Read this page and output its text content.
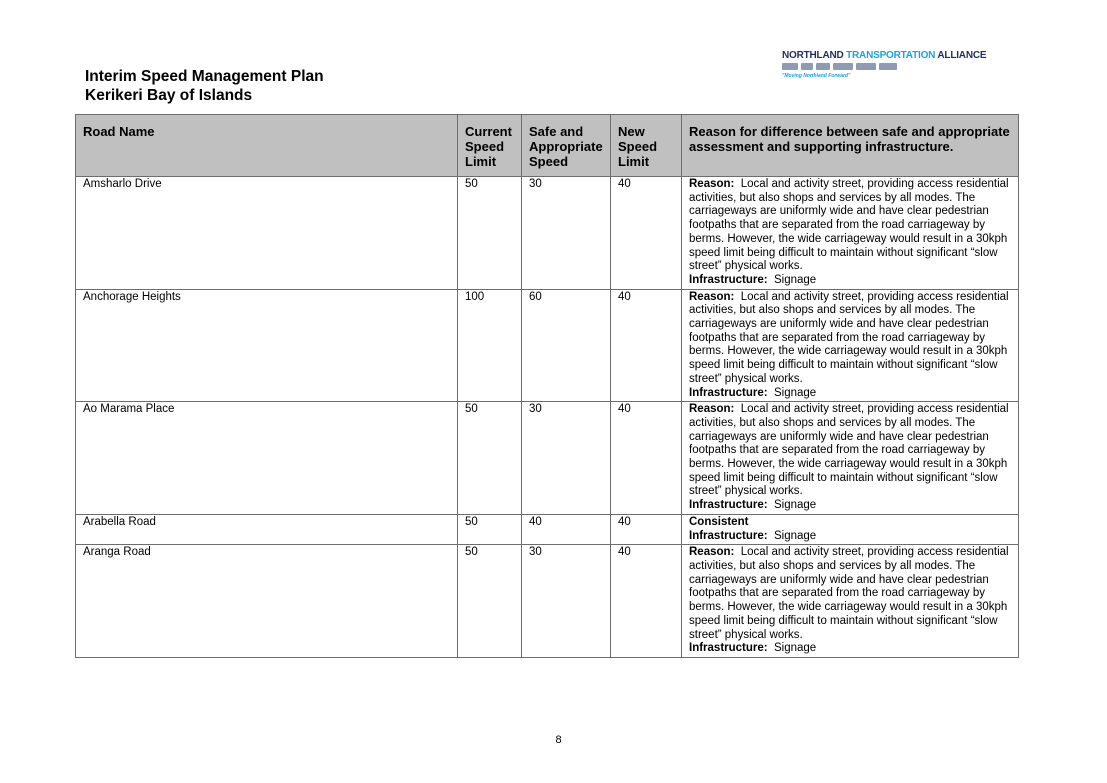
Interim Speed Management Plan
Kerikeri Bay of Islands
NORTHLAND TRANSPORTATION ALLIANCE
"Moving Northland Forward"
Road Name	Current Speed Limit	Safe and Appropriate Speed	New Speed Limit	Reason for difference between safe and appropriate assessment and supporting infrastructure.
Amsharlo Drive	50	30	40	Reason: Local and activity street, providing access residential activities, but also shops and services by all modes. The carriageways are uniformly wide and have clear pedestrian footpaths that are separated from the road carriageway by berms. However, the wide carriageway would result in a 30kph speed limit being difficult to maintain without significant “slow street” physical works.
Infrastructure: Signage
Anchorage Heights	100	60	40	Reason: Local and activity street, providing access residential activities, but also shops and services by all modes. The carriageways are uniformly wide and have clear pedestrian footpaths that are separated from the road carriageway by berms. However, the wide carriageway would result in a 30kph speed limit being difficult to maintain without significant “slow street” physical works.
Infrastructure: Signage
Ao Marama Place	50	30	40	Reason: Local and activity street, providing access residential activities, but also shops and services by all modes. The carriageways are uniformly wide and have clear pedestrian footpaths that are separated from the road carriageway by berms. However, the wide carriageway would result in a 30kph speed limit being difficult to maintain without significant “slow street” physical works.
Infrastructure: Signage
Arabella Road	50	40	40	Consistent
Infrastructure: Signage
Aranga Road	50	30	40	Reason: Local and activity street, providing access residential activities, but also shops and services by all modes. The carriageways are uniformly wide and have clear pedestrian footpaths that are separated from the road carriageway by berms. However, the wide carriageway would result in a 30kph speed limit being difficult to maintain without significant “slow street” physical works.
Infrastructure: Signage
8
